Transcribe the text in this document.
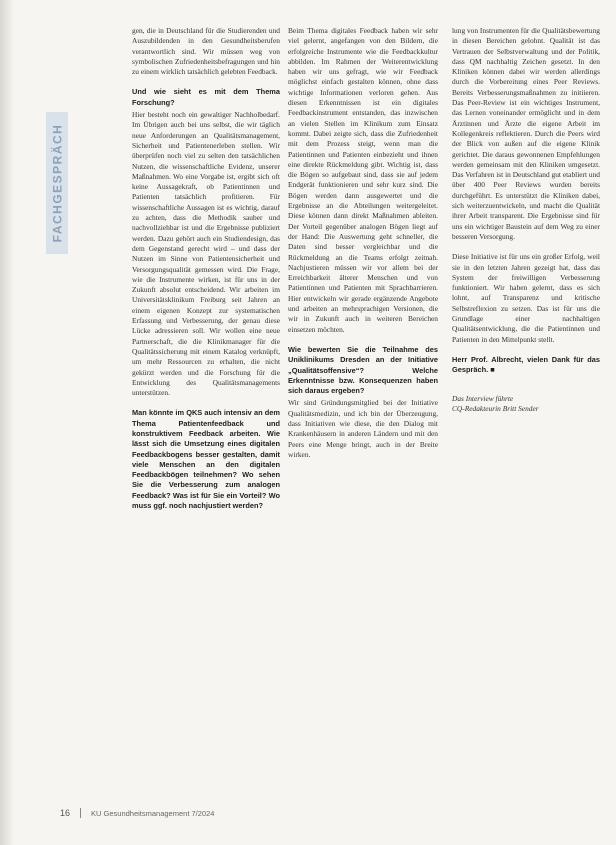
FACHGESPRÄCH

gen, die in Deutschland für die Studierenden und Auszubildenden in den Gesundheitsberufen verantwortlich sind. Wir müssen weg von symbolischen Zufriedenheitsbefragungen und hin zu einem wirklich tatsächlich gelebten Feedback.

Und wie sieht es mit dem Thema Forschung?

Hier besteht noch ein gewaltiger Nachholbedarf. Im Übrigen auch bei uns selbst, die wir täglich neue Anforderungen an Qualitätsmanagement, Sicherheit und Patientenerleben stellen. Wir überprüfen noch viel zu selten den tatsächlichen Nutzen, die wissenschaftliche Evidenz, unserer Maßnahmen. Wo eine Vorgabe ist, ergibt sich oft keine Aussagekraft, ob Patientinnen und Patienten tatsächlich profitieren. Für wissenschaftliche Aussagen ist es wichtig, darauf zu achten, dass die Methodik sauber und nachvollziehbar ist und die Ergebnisse publiziert werden. Dazu gehört auch ein Studiendesign, das dem Gegenstand gerecht wird – und dass der Nutzen im Sinne von Patientensicherheit und Versorgungsqualität gemessen wird. Die Frage, wie die Instrumente wirken, ist für uns in der Zukunft absolut entscheidend. Wir arbeiten im Universitätsklinikum Freiburg seit Jahren an einem eigenen Konzept zur systematischen Erfassung und Verbesserung, der genau diese Lücke adressieren soll. Wir wollen eine neue Partnerschaft, die die Klinikmanager für die Qualitätssicherung mit einem Katalog verknüpft, um mehr Ressourcen zu erhalten, die nicht gekürzt werden und die Forschung für die Entwicklung des Qualitätsmanagements unterstützen.

Man könnte im QKS auch intensiv an dem Thema Patientenfeedback und konstruktivem Feedback arbeiten. Wie lässt sich die Umsetzung eines digitalen Feedbackbogens besser gestalten, damit viele Menschen an den digitalen Feedbackbögen teilnehmen? Wo sehen Sie die Verbesserung zum analogen Feedback? Was ist für Sie ein Vorteil? Wo muss ggf. noch nachjustiert werden?

Beim Thema digitales Feedback haben wir sehr viel gelernt, angefangen von den Bildern, die erfolgreiche Instrumente wie die Feedbackkultur abbilden. Im Rahmen der Weiterentwicklung haben wir uns gefragt, wie wir Feedback möglichst einfach gestalten können, ohne dass wichtige Informationen verloren gehen. Aus diesen Erkenntnissen ist ein digitales Feedbackinstrument entstanden, das inzwischen an vielen Stellen im Klinikum zum Einsatz kommt. Dabei zeigte sich, dass die Zufriedenheit mit dem Prozess steigt, wenn man die Patientinnen und Patienten einbezieht und ihnen eine direkte Rückmeldung gibt. Wichtig ist, dass die Bögen so aufgebaut sind, dass sie auf jedem Endgerät funktionieren und sehr kurz sind. Die Bögen werden dann ausgewertet und die Ergebnisse an die Abteilungen weitergeleitet. Diese können dann direkt Maßnahmen ableiten. Der Vorteil gegenüber analogen Bögen liegt auf der Hand: Die Auswertung geht schneller, die Daten sind besser vergleichbar und die Rückmeldung an die Teams erfolgt zeitnah. Nachjustieren müssen wir vor allem bei der Erreichbarkeit älterer Menschen und von Patientinnen und Patienten mit Sprachbarrieren. Hier entwickeln wir gerade ergänzende Angebote und arbeiten an mehrsprachigen Versionen, die wir in Zukunft auch in weiteren Bereichen einsetzen möchten.

Wie bewerten Sie die Teilnahme des Uniklinikums Dresden an der Initiative „Qualitätsoffensive“? Welche Erkenntnisse bzw. Konsequenzen haben sich daraus ergeben?

Wir sind Gründungsmitglied bei der Initiative Qualitätsmedizin, und ich bin der Überzeugung, dass Initiativen wie diese, die den Dialog mit Krankenhäusern in anderen Ländern und mit den Peers eine Menge bringt, auch in der Breite wirken.

lung von Instrumenten für die Qualitätsbewertung in diesen Bereichen gelohnt. Qualität ist das Vertrauen der Selbstverwaltung und der Politik, dass QM nachhaltig Zeichen gesetzt. In den Kliniken können dabei wir werden allerdings durch die Vorbereitung eines Peer Reviews. Bereits Verbesserungsmaßnahmen zu initiieren. Das Peer-Review ist ein wichtiges Instrument, das Lernen voneinander ermöglicht und in dem Ärztinnen und Ärzte die eigene Arbeit im Kollegenkreis reflektieren. Durch die Peers wird der Blick von außen auf die eigene Klinik gerichtet. Die daraus gewonnenen Empfehlungen werden gemeinsam mit den Kliniken umgesetzt. Das Verfahren ist in Deutschland gut etabliert und über 400 Peer Reviews wurden bereits durchgeführt. Es unterstützt die Kliniken dabei, sich weiterzuentwickeln, und macht die Qualität ihrer Arbeit transparent. Die Ergebnisse sind für uns ein wichtiger Baustein auf dem Weg zu einer besseren Versorgung.

Diese Initiative ist für uns ein großer Erfolg, weil sie in den letzten Jahren gezeigt hat, dass das System der freiwilligen Verbesserung funktioniert. Wir haben gelernt, dass es sich lohnt, auf Transparenz und kritische Selbstreflexion zu setzen. Das ist für uns die Grundlage einer nachhaltigen Qualitätsentwicklung, die die Patientinnen und Patienten in den Mittelpunkt stellt.

Herr Prof. Albrecht, vielen Dank für das Gespräch. ■

Das Interview führte
CQ-Redakteurin Britt Sender

16	KU Gesundheitsmanagement 7/2024
